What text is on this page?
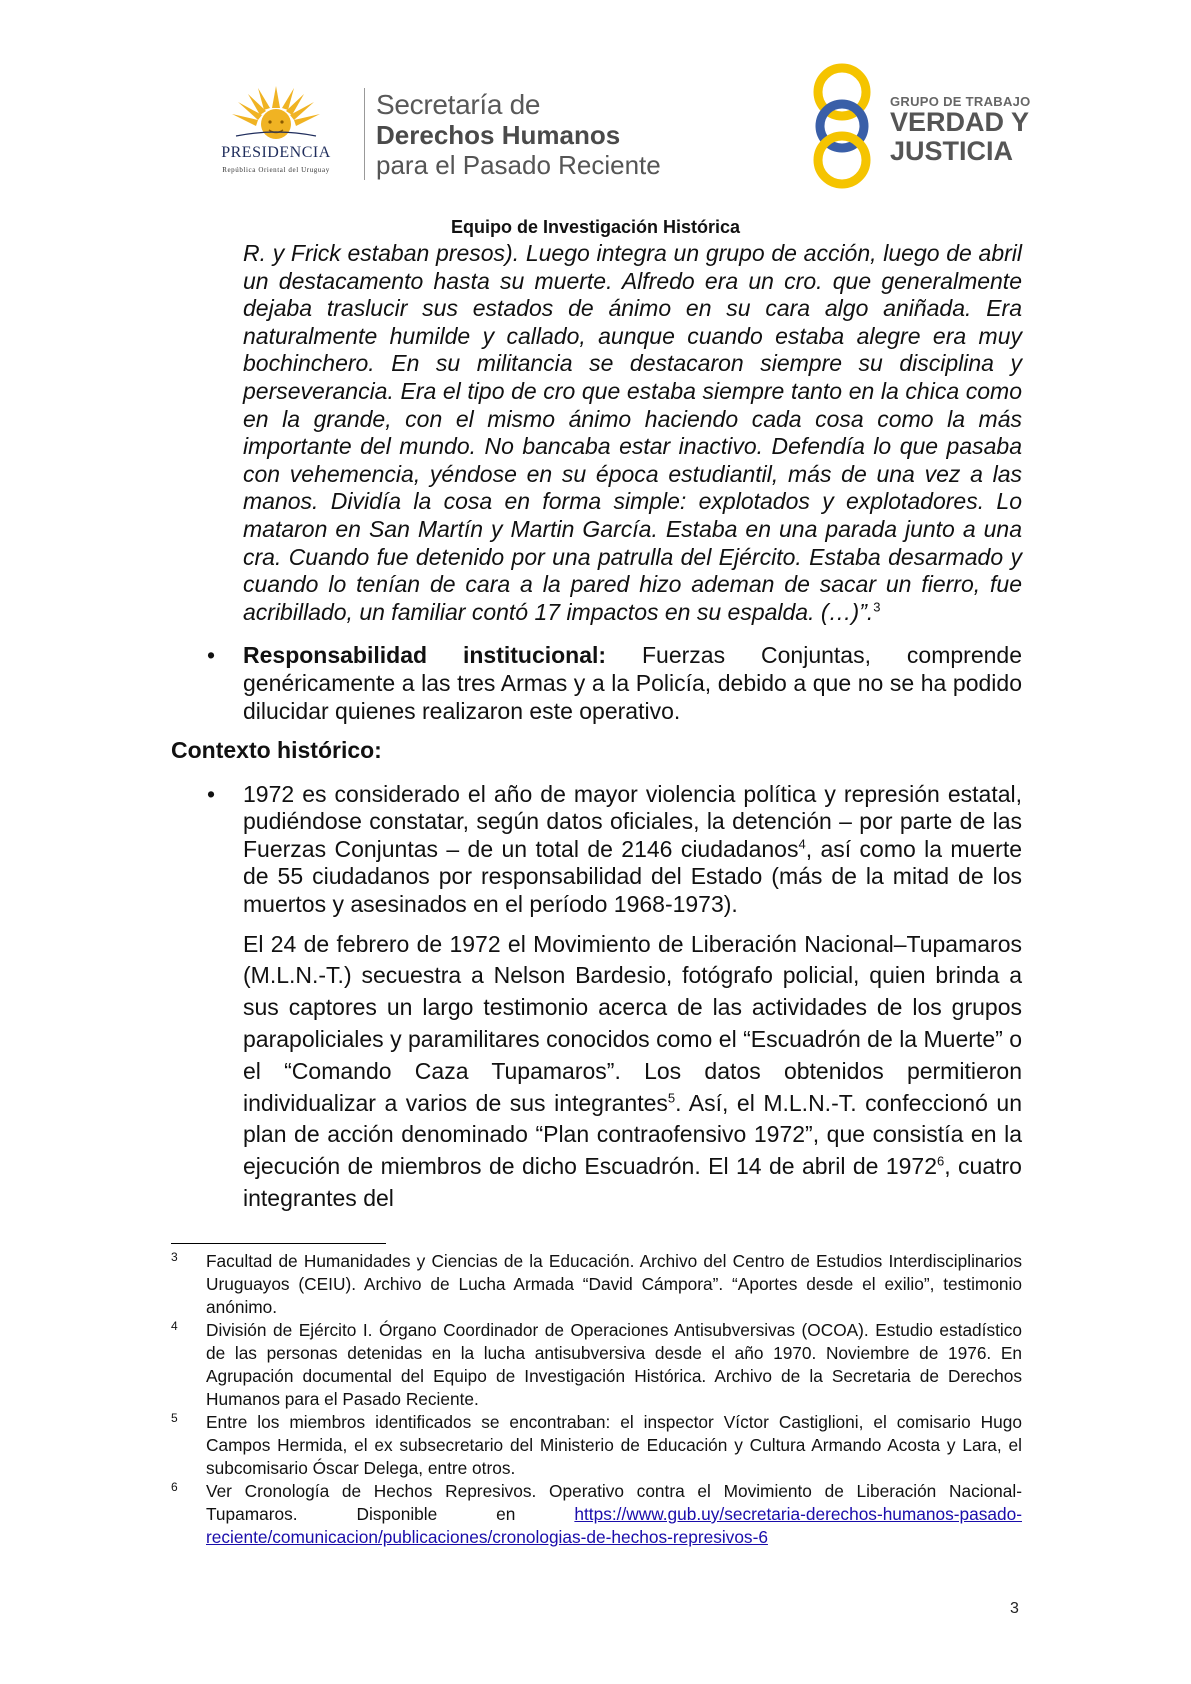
PRESIDENCIA
República Oriental del Uruguay
Secretaría de
Derechos Humanos
para el Pasado Reciente
GRUPO DE TRABAJO
VERDAD Y
JUSTICIA
Equipo de Investigación Histórica
R. y Frick estaban presos). Luego integra un grupo de acción, luego de abril un destacamento hasta su muerte. Alfredo era un cro. que generalmente dejaba traslucir sus estados de ánimo en su cara algo aniñada. Era naturalmente humilde y callado, aunque cuando estaba alegre era muy bochinchero. En su militancia se destacaron siempre su disciplina y perseverancia. Era el tipo de cro que estaba siempre tanto en la chica como en la grande, con el mismo ánimo haciendo cada cosa como la más importante del mundo. No bancaba estar inactivo. Defendía lo que pasaba con vehemencia, yéndose en su época estudiantil, más de una vez a las manos. Dividía la cosa en forma simple: explotados y explotadores. Lo mataron en San Martín y Martin García. Estaba en una parada junto a una cra. Cuando fue detenido por una patrulla del Ejército. Estaba desarmado y cuando lo tenían de cara a la pared hizo ademan de sacar un fierro, fue acribillado, un familiar contó 17 impactos en su espalda. (…)”.$^3$
• Responsabilidad institucional: Fuerzas Conjuntas, comprende genéricamente a las tres Armas y a la Policía, debido a que no se ha podido dilucidar quienes realizaron este operativo.
Contexto histórico:
• 1972 es considerado el año de mayor violencia política y represión estatal, pudiéndose constatar, según datos oficiales, la detención – por parte de las Fuerzas Conjuntas – de un total de 2146 ciudadanos$^4$, así como la muerte de 55 ciudadanos por responsabilidad del Estado (más de la mitad de los muertos y asesinados en el período 1968-1973).
El 24 de febrero de 1972 el Movimiento de Liberación Nacional–Tupamaros (M.L.N.-T.) secuestra a Nelson Bardesio, fotógrafo policial, quien brinda a sus captores un largo testimonio acerca de las actividades de los grupos parapoliciales y paramilitares conocidos como el “Escuadrón de la Muerte” o el “Comando Caza Tupamaros”. Los datos obtenidos permitieron individualizar a varios de sus integrantes$^5$. Así, el M.L.N.-T. confeccionó un plan de acción denominado “Plan contraofensivo 1972”, que consistía en la ejecución de miembros de dicho Escuadrón. El 14 de abril de 1972$^6$, cuatro integrantes del
3 Facultad de Humanidades y Ciencias de la Educación. Archivo del Centro de Estudios Interdisciplinarios Uruguayos (CEIU). Archivo de Lucha Armada “David Cámpora”. “Aportes desde el exilio”, testimonio anónimo.
4 División de Ejército I. Órgano Coordinador de Operaciones Antisubversivas (OCOA). Estudio estadístico de las personas detenidas en la lucha antisubversiva desde el año 1970. Noviembre de 1976. En Agrupación documental del Equipo de Investigación Histórica. Archivo de la Secretaria de Derechos Humanos para el Pasado Reciente.
5 Entre los miembros identificados se encontraban: el inspector Víctor Castiglioni, el comisario Hugo Campos Hermida, el ex subsecretario del Ministerio de Educación y Cultura Armando Acosta y Lara, el subcomisario Óscar Delega, entre otros.
6 Ver Cronología de Hechos Represivos. Operativo contra el Movimiento de Liberación Nacional-Tupamaros. Disponible en https://www.gub.uy/secretaria-derechos-humanos-pasado-reciente/comunicacion/publicaciones/cronologias-de-hechos-represivos-6
3
